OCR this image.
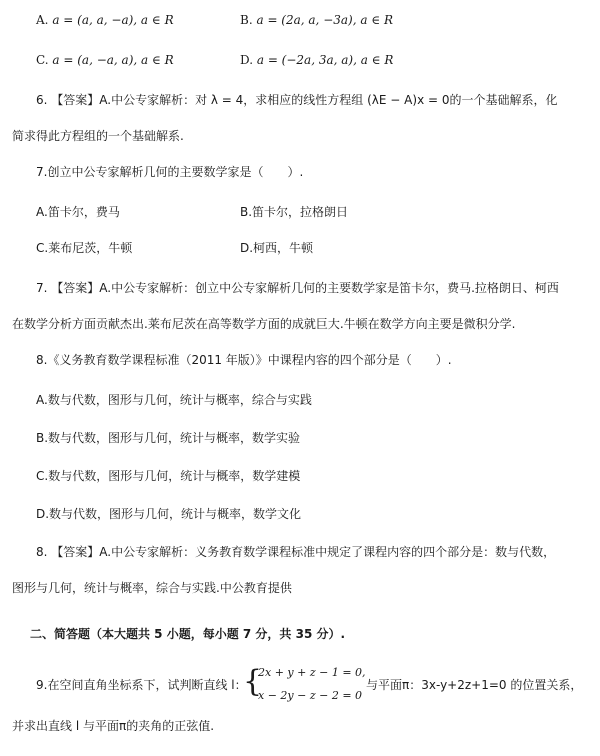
A. a = (a, a, −a), a ∈ R	B. a = (2a, a, −3a), a ∈ R
C. a = (a, −a, a), a ∈ R	D. a = (−2a, 3a, a), a ∈ R
6. 【答案】A.中公专家解析：对 λ = 4，求相应的线性方程组 (λE − A)x = 0的一个基础解系，化
简求得此方程组的一个基础解系.
7.创立中公专家解析几何的主要数学家是（　　）.
A.笛卡尔，费马	B.笛卡尔，拉格朗日
C.莱布尼茨，牛顿	D.柯西，牛顿
7. 【答案】A.中公专家解析：创立中公专家解析几何的主要数学家是笛卡尔，费马.拉格朗日、柯西
在数学分析方面贡献杰出.莱布尼茨在高等数学方面的成就巨大.牛顿在数学方向主要是微积分学.
8.《义务教育数学课程标准（2011 年版）》中课程内容的四个部分是（　　）.
A.数与代数，图形与几何，统计与概率，综合与实践
B.数与代数，图形与几何，统计与概率，数学实验
C.数与代数，图形与几何，统计与概率，数学建模
D.数与代数，图形与几何，统计与概率，数学文化
8. 【答案】A.中公专家解析：义务教育数学课程标准中规定了课程内容的四个部分是：数与代数，
图形与几何，统计与概率，综合与实践.中公教育提供
二、简答题（本大题共 5 小题，每小题 7 分，共 35 分）.
9.在空间直角坐标系下，试判断直线 l：
{
2x + y + z − 1 = 0,
x − 2y − z − 2 = 0
与平面π：3x-y+2z+1=0 的位置关系，
并求出直线 l 与平面π的夹角的正弦值.
